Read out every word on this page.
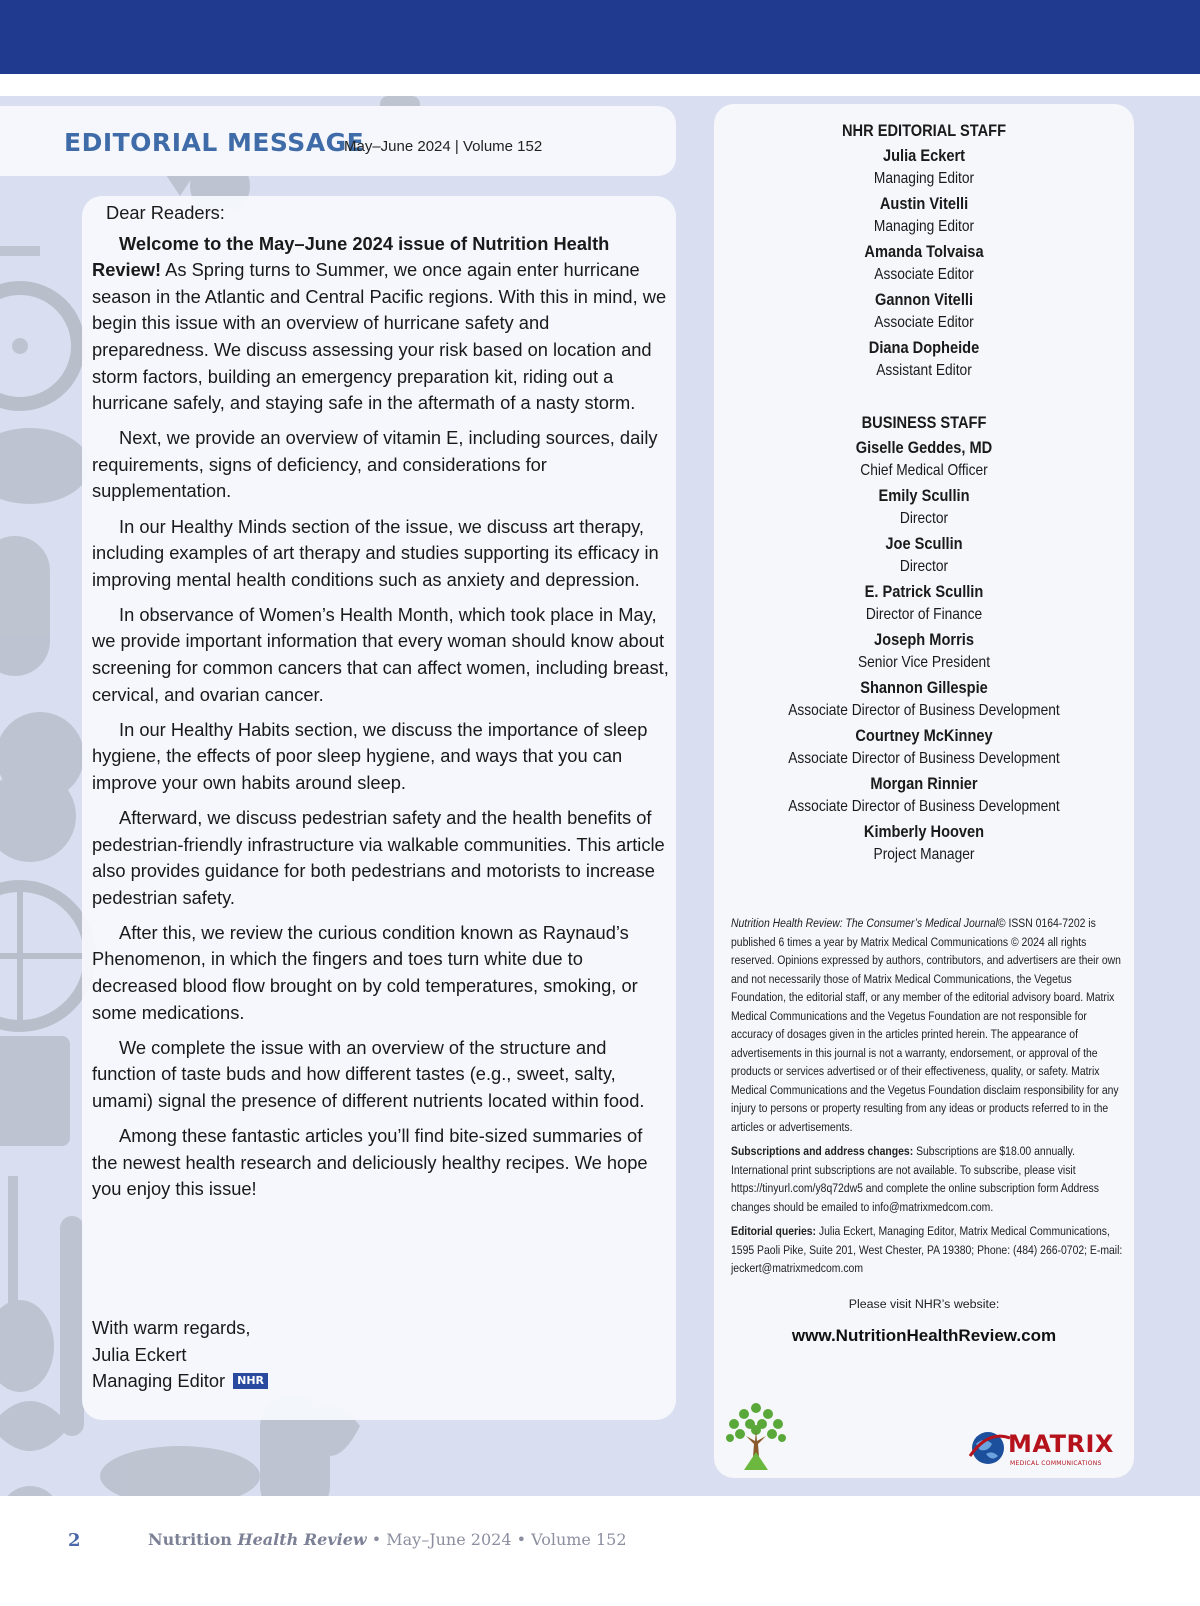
EDITORIAL MESSAGE
May–June 2024 | Volume 152

Dear Readers:

Welcome to the May–June 2024 issue of Nutrition Health Review! As Spring turns to Summer, we once again enter hurricane season in the Atlantic and Central Pacific regions. With this in mind, we begin this issue with an overview of hurricane safety and preparedness. We discuss assessing your risk based on location and storm factors, building an emergency preparation kit, riding out a hurricane safely, and staying safe in the aftermath of a nasty storm.

Next, we provide an overview of vitamin E, including sources, daily requirements, signs of deficiency, and considerations for supplementation.

In our Healthy Minds section of the issue, we discuss art therapy, including examples of art therapy and studies supporting its efficacy in improving mental health conditions such as anxiety and depression.

In observance of Women’s Health Month, which took place in May, we provide important information that every woman should know about screening for common cancers that can affect women, including breast, cervical, and ovarian cancer.

In our Healthy Habits section, we discuss the importance of sleep hygiene, the effects of poor sleep hygiene, and ways that you can improve your own habits around sleep.

Afterward, we discuss pedestrian safety and the health benefits of pedestrian-friendly infrastructure via walkable communities. This article also provides guidance for both pedestrians and motorists to increase pedestrian safety.

After this, we review the curious condition known as Raynaud’s Phenomenon, in which the fingers and toes turn white due to decreased blood flow brought on by cold temperatures, smoking, or some medications.

We complete the issue with an overview of the structure and function of taste buds and how different tastes (e.g., sweet, salty, umami) signal the presence of different nutrients located within food.

Among these fantastic articles you’ll find bite-sized summaries of the newest health research and deliciously healthy recipes. We hope you enjoy this issue!

With warm regards,
Julia Eckert
Managing Editor NHR
NHR EDITORIAL STAFF
Julia Eckert
Managing Editor
Austin Vitelli
Managing Editor
Amanda Tolvaisa
Associate Editor
Gannon Vitelli
Associate Editor
Diana Dopheide
Assistant Editor
BUSINESS STAFF
Giselle Geddes, MD
Chief Medical Officer
Emily Scullin
Director
Joe Scullin
Director
E. Patrick Scullin
Director of Finance
Joseph Morris
Senior Vice President
Shannon Gillespie
Associate Director of Business Development
Courtney McKinney
Associate Director of Business Development
Morgan Rinnier
Associate Director of Business Development
Kimberly Hooven
Project Manager

Nutrition Health Review: The Consumer’s Medical Journal© ISSN 0164-7202 is published 6 times a year by Matrix Medical Communications © 2024 all rights reserved. Opinions expressed by authors, contributors, and advertisers are their own and not necessarily those of Matrix Medical Communications, the Vegetus Foundation, the editorial staff, or any member of the editorial advisory board. Matrix Medical Communications and the Vegetus Foundation are not responsible for accuracy of dosages given in the articles printed herein. The appearance of advertisements in this journal is not a warranty, endorsement, or approval of the products or services advertised or of their effectiveness, quality, or safety. Matrix Medical Communications and the Vegetus Foundation disclaim responsibility for any injury to persons or property resulting from any ideas or products referred to in the articles or advertisements.

Subscriptions and address changes: Subscriptions are $18.00 annually. International print subscriptions are not available. To subscribe, please visit https://tinyurl.com/y8q72dw5 and complete the online subscription form Address changes should be emailed to info@matrixmedcom.com.

Editorial queries: Julia Eckert, Managing Editor, Matrix Medical Communications, 1595 Paoli Pike, Suite 201, West Chester, PA 19380; Phone: (484) 266-0702; E-mail: jeckert@matrixmedcom.com

Please visit NHR’s website:
www.NutritionHealthReview.com
MATRIX
MEDICAL COMMUNICATIONS
2	Nutrition Health Review • May–June 2024 • Volume 152
